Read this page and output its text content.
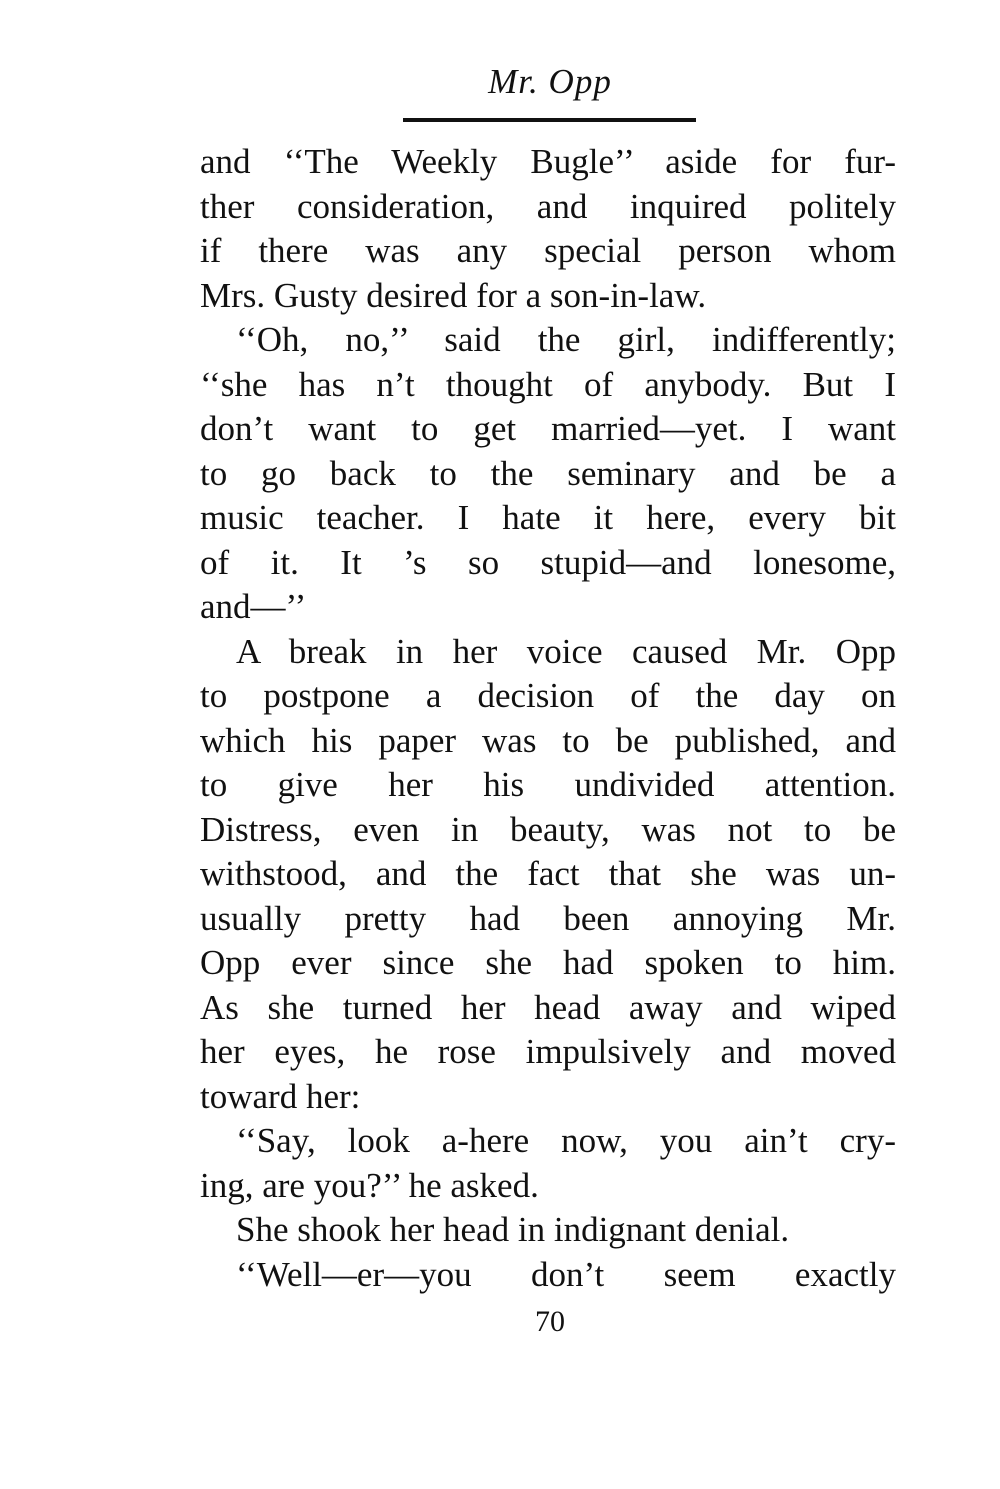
Mr. Opp
and ‘‘The Weekly Bugle’’ aside for fur-
ther consideration, and inquired politely
if there was any special person whom
Mrs. Gusty desired for a son-in-law.
‘‘Oh, no,’’ said the girl, indifferently;
‘‘she has n’t thought of anybody. But I
don’t want to get married—yet. I want
to go back to the seminary and be a
music teacher. I hate it here, every bit
of it. It ’s so stupid—and lonesome,
and—’’
A break in her voice caused Mr. Opp
to postpone a decision of the day on
which his paper was to be published, and
to give her his undivided attention.
Distress, even in beauty, was not to be
withstood, and the fact that she was un-
usually pretty had been annoying Mr.
Opp ever since she had spoken to him.
As she turned her head away and wiped
her eyes, he rose impulsively and moved
toward her:
‘‘Say, look a-here now, you ain’t cry-
ing, are you?’’ he asked.
She shook her head in indignant denial.
‘‘Well—er—you don’t seem exactly
70
